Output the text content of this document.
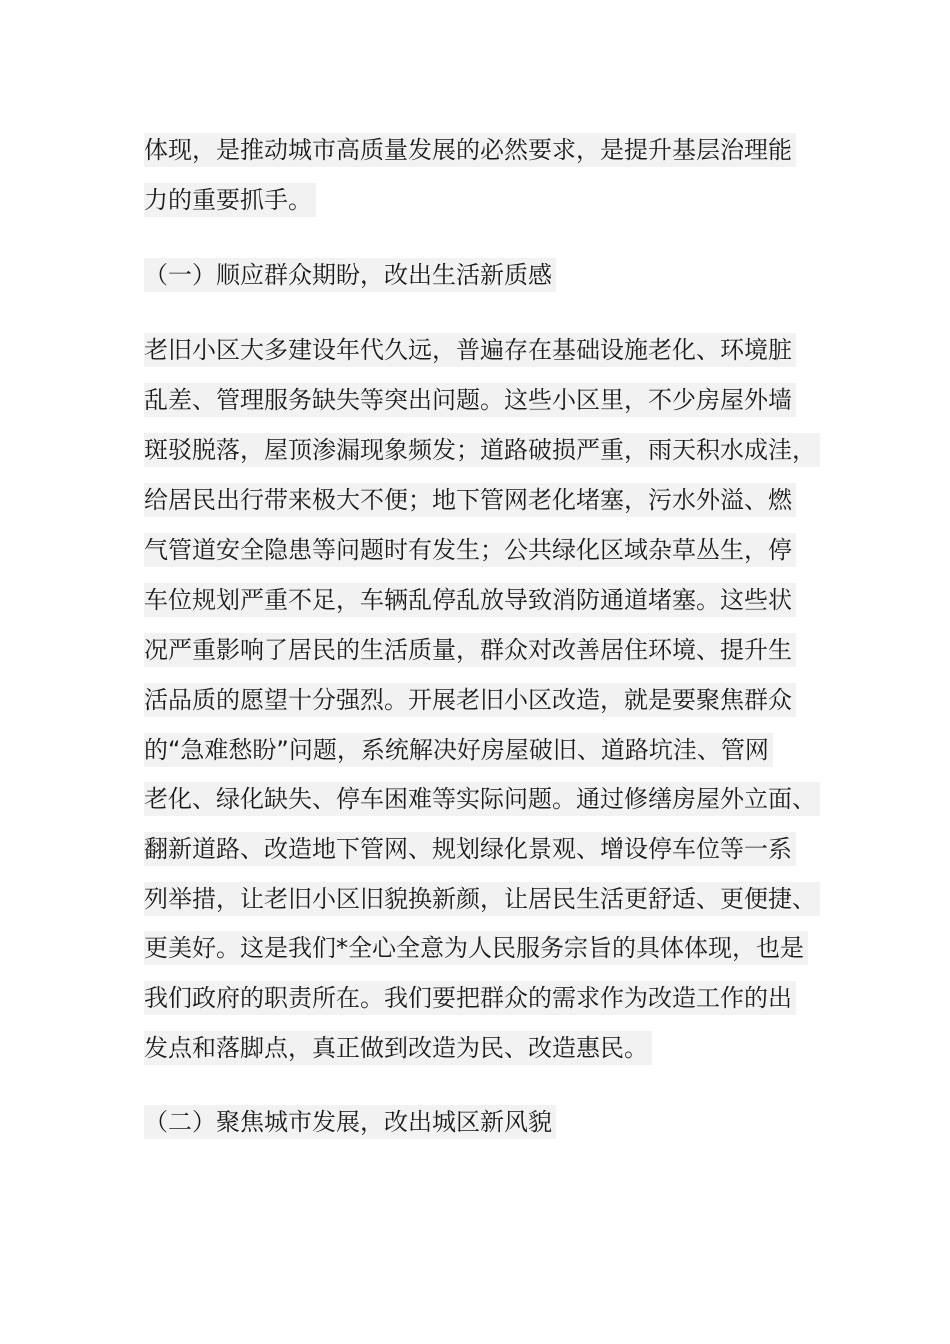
体现，是推动城市高质量发展的必然要求，是提升基层治理能
力的重要抓手。
（一）顺应群众期盼，改出生活新质感
老旧小区大多建设年代久远，普遍存在基础设施老化、环境脏
乱差、管理服务缺失等突出问题。这些小区里，不少房屋外墙
斑驳脱落，屋顶渗漏现象频发；道路破损严重，雨天积水成洼，
给居民出行带来极大不便；地下管网老化堵塞，污水外溢、燃
气管道安全隐患等问题时有发生；公共绿化区域杂草丛生，停
车位规划严重不足，车辆乱停乱放导致消防通道堵塞。这些状
况严重影响了居民的生活质量，群众对改善居住环境、提升生
活品质的愿望十分强烈。开展老旧小区改造，就是要聚焦群众
的“急难愁盼”问题，系统解决好房屋破旧、道路坑洼、管网
老化、绿化缺失、停车困难等实际问题。通过修缮房屋外立面、
翻新道路、改造地下管网、规划绿化景观、增设停车位等一系
列举措，让老旧小区旧貌换新颜，让居民生活更舒适、更便捷、
更美好。这是我们*全心全意为人民服务宗旨的具体体现，也是
我们政府的职责所在。我们要把群众的需求作为改造工作的出
发点和落脚点，真正做到改造为民、改造惠民。
（二）聚焦城市发展，改出城区新风貌
